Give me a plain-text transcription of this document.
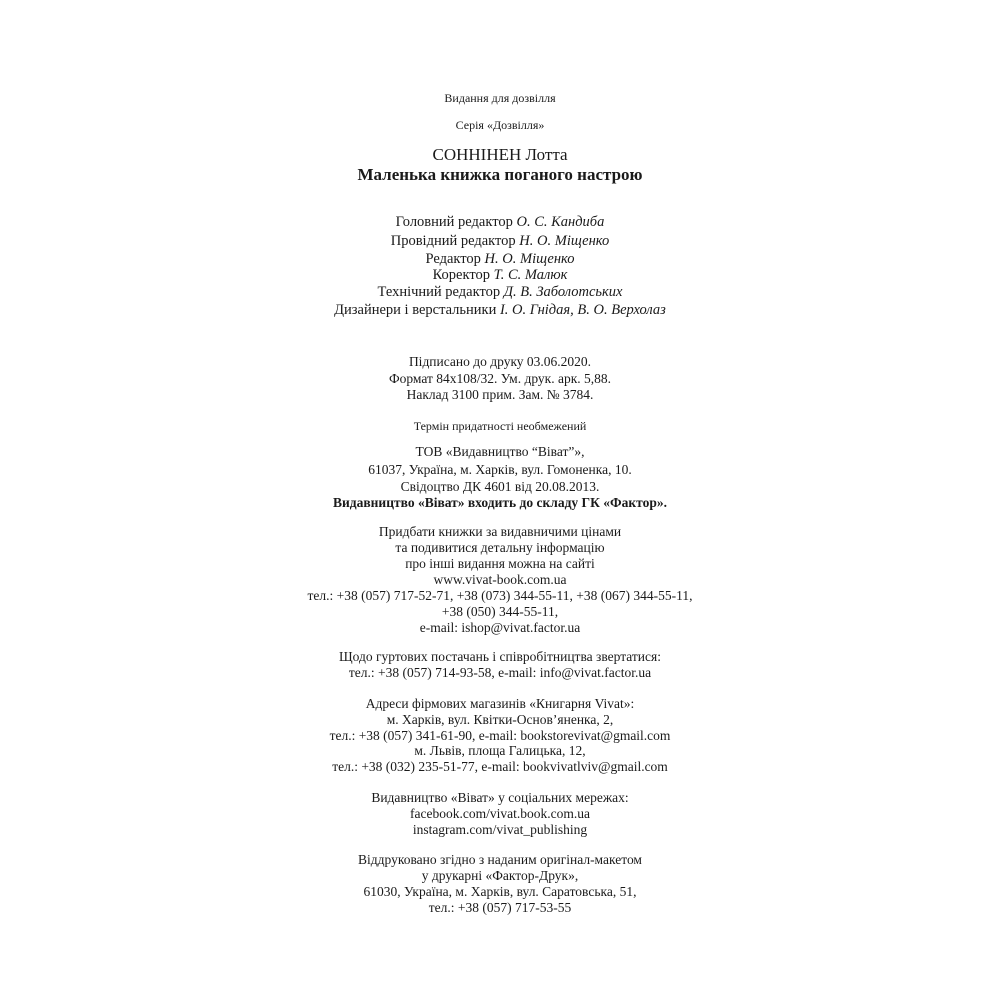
Видання для дозвілля
Серія «Дозвілля»
СОННІНЕН Лотта
Маленька книжка поганого настрою
Головний редактор О. С. Кандиба
Провідний редактор Н. О. Міщенко
Редактор Н. О. Міщенко
Коректор Т. С. Малюк
Технічний редактор Д. В. Заболотських
Дизайнери і верстальники І. О. Гнідая, В. О. Верхолаз
Підписано до друку 03.06.2020.
Формат 84х108/32. Ум. друк. арк. 5,88.
Наклад 3100 прим. Зам. № 3784.
Термін придатності необмежений
ТОВ «Видавництво “Віват”»,
61037, Україна, м. Харків, вул. Гомоненка, 10.
Свідоцтво ДК 4601 від 20.08.2013.
Видавництво «Віват» входить до складу ГК «Фактор».
Придбати книжки за видавничими цінами
та подивитися детальну інформацію
про інші видання можна на сайті
www.vivat-book.com.ua
тел.: +38 (057) 717-52-71, +38 (073) 344-55-11, +38 (067) 344-55-11,
+38 (050) 344-55-11,
e-mail: ishop@vivat.factor.ua
Щодо гуртових постачань і співробітництва звертатися:
тел.: +38 (057) 714-93-58, e-mail: info@vivat.factor.ua
Адреси фірмових магазинів «Книгарня Vivat»:
м. Харків, вул. Квітки-Основ’яненка, 2,
тел.: +38 (057) 341-61-90, e-mail: bookstorevivat@gmail.com
м. Львів, площа Галицька, 12,
тел.: +38 (032) 235-51-77, e-mail: bookvivatlviv@gmail.com
Видавництво «Віват» у соціальних мережах:
facebook.com/vivat.book.com.ua
instagram.com/vivat_publishing
Віддруковано згідно з наданим оригінал-макетом
у друкарні «Фактор-Друк»,
61030, Україна, м. Харків, вул. Саратовська, 51,
тел.: +38 (057) 717-53-55
